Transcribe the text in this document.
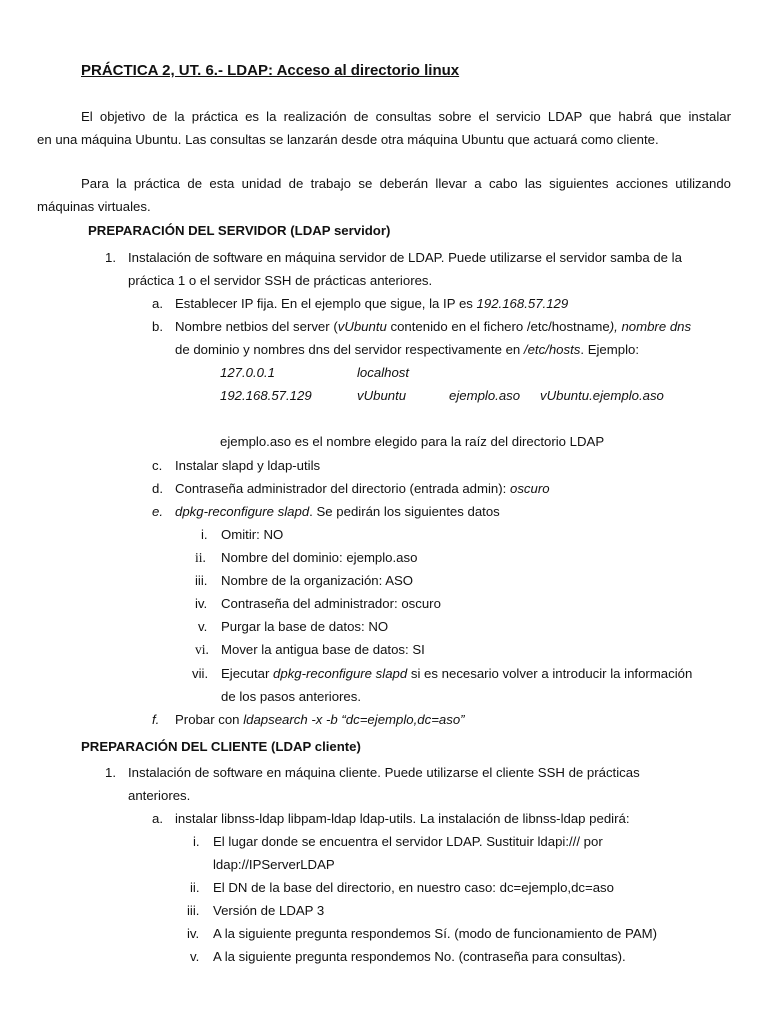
PRÁCTICA 2, UT. 6.- LDAP: Acceso al directorio linux
El objetivo de la práctica es la realización de consultas sobre el servicio LDAP que habrá que instalar
en una máquina Ubuntu. Las consultas se lanzarán desde otra máquina Ubuntu que actuará como cliente.
Para la práctica de esta unidad de trabajo se deberán llevar a cabo las siguientes acciones utilizando
máquinas virtuales.
PREPARACIÓN DEL SERVIDOR (LDAP servidor)
1. Instalación de software en máquina servidor de LDAP. Puede utilizarse el servidor samba de la
práctica 1 o el servidor SSH de prácticas anteriores.
a. Establecer IP fija. En el ejemplo que sigue, la IP es 192.168.57.129
b. Nombre netbios del server (vUbuntu contenido en el fichero /etc/hostname), nombre dns
de dominio y nombres dns del servidor respectivamente en /etc/hosts. Ejemplo:
127.0.0.1	localhost
192.168.57.129	vUbuntu	ejemplo.aso vUbuntu.ejemplo.aso
ejemplo.aso es el nombre elegido para la raíz del directorio LDAP
c. Instalar slapd y ldap-utils
d. Contraseña administrador del directorio (entrada admin): oscuro
e. dpkg-reconfigure slapd. Se pedirán los siguientes datos
i. Omitir: NO
ii. Nombre del dominio: ejemplo.aso
iii. Nombre de la organización: ASO
iv. Contraseña del administrador: oscuro
v. Purgar la base de datos: NO
vi. Mover la antigua base de datos: SI
vii. Ejecutar dpkg-reconfigure slapd si es necesario volver a introducir la información
de los pasos anteriores.
f. Probar con ldapsearch -x -b “dc=ejemplo,dc=aso”
PREPARACIÓN DEL CLIENTE (LDAP cliente)
1. Instalación de software en máquina cliente. Puede utilizarse el cliente SSH de prácticas
anteriores.
a. instalar libnss-ldap libpam-ldap ldap-utils. La instalación de libnss-ldap pedirá:
i. El lugar donde se encuentra el servidor LDAP. Sustituir ldapi:/// por
ldap://IPServerLDAP
ii. El DN de la base del directorio, en nuestro caso: dc=ejemplo,dc=aso
iii. Versión de LDAP 3
iv. A la siguiente pregunta respondemos Sí. (modo de funcionamiento de PAM)
v. A la siguiente pregunta respondemos No. (contraseña para consultas).
